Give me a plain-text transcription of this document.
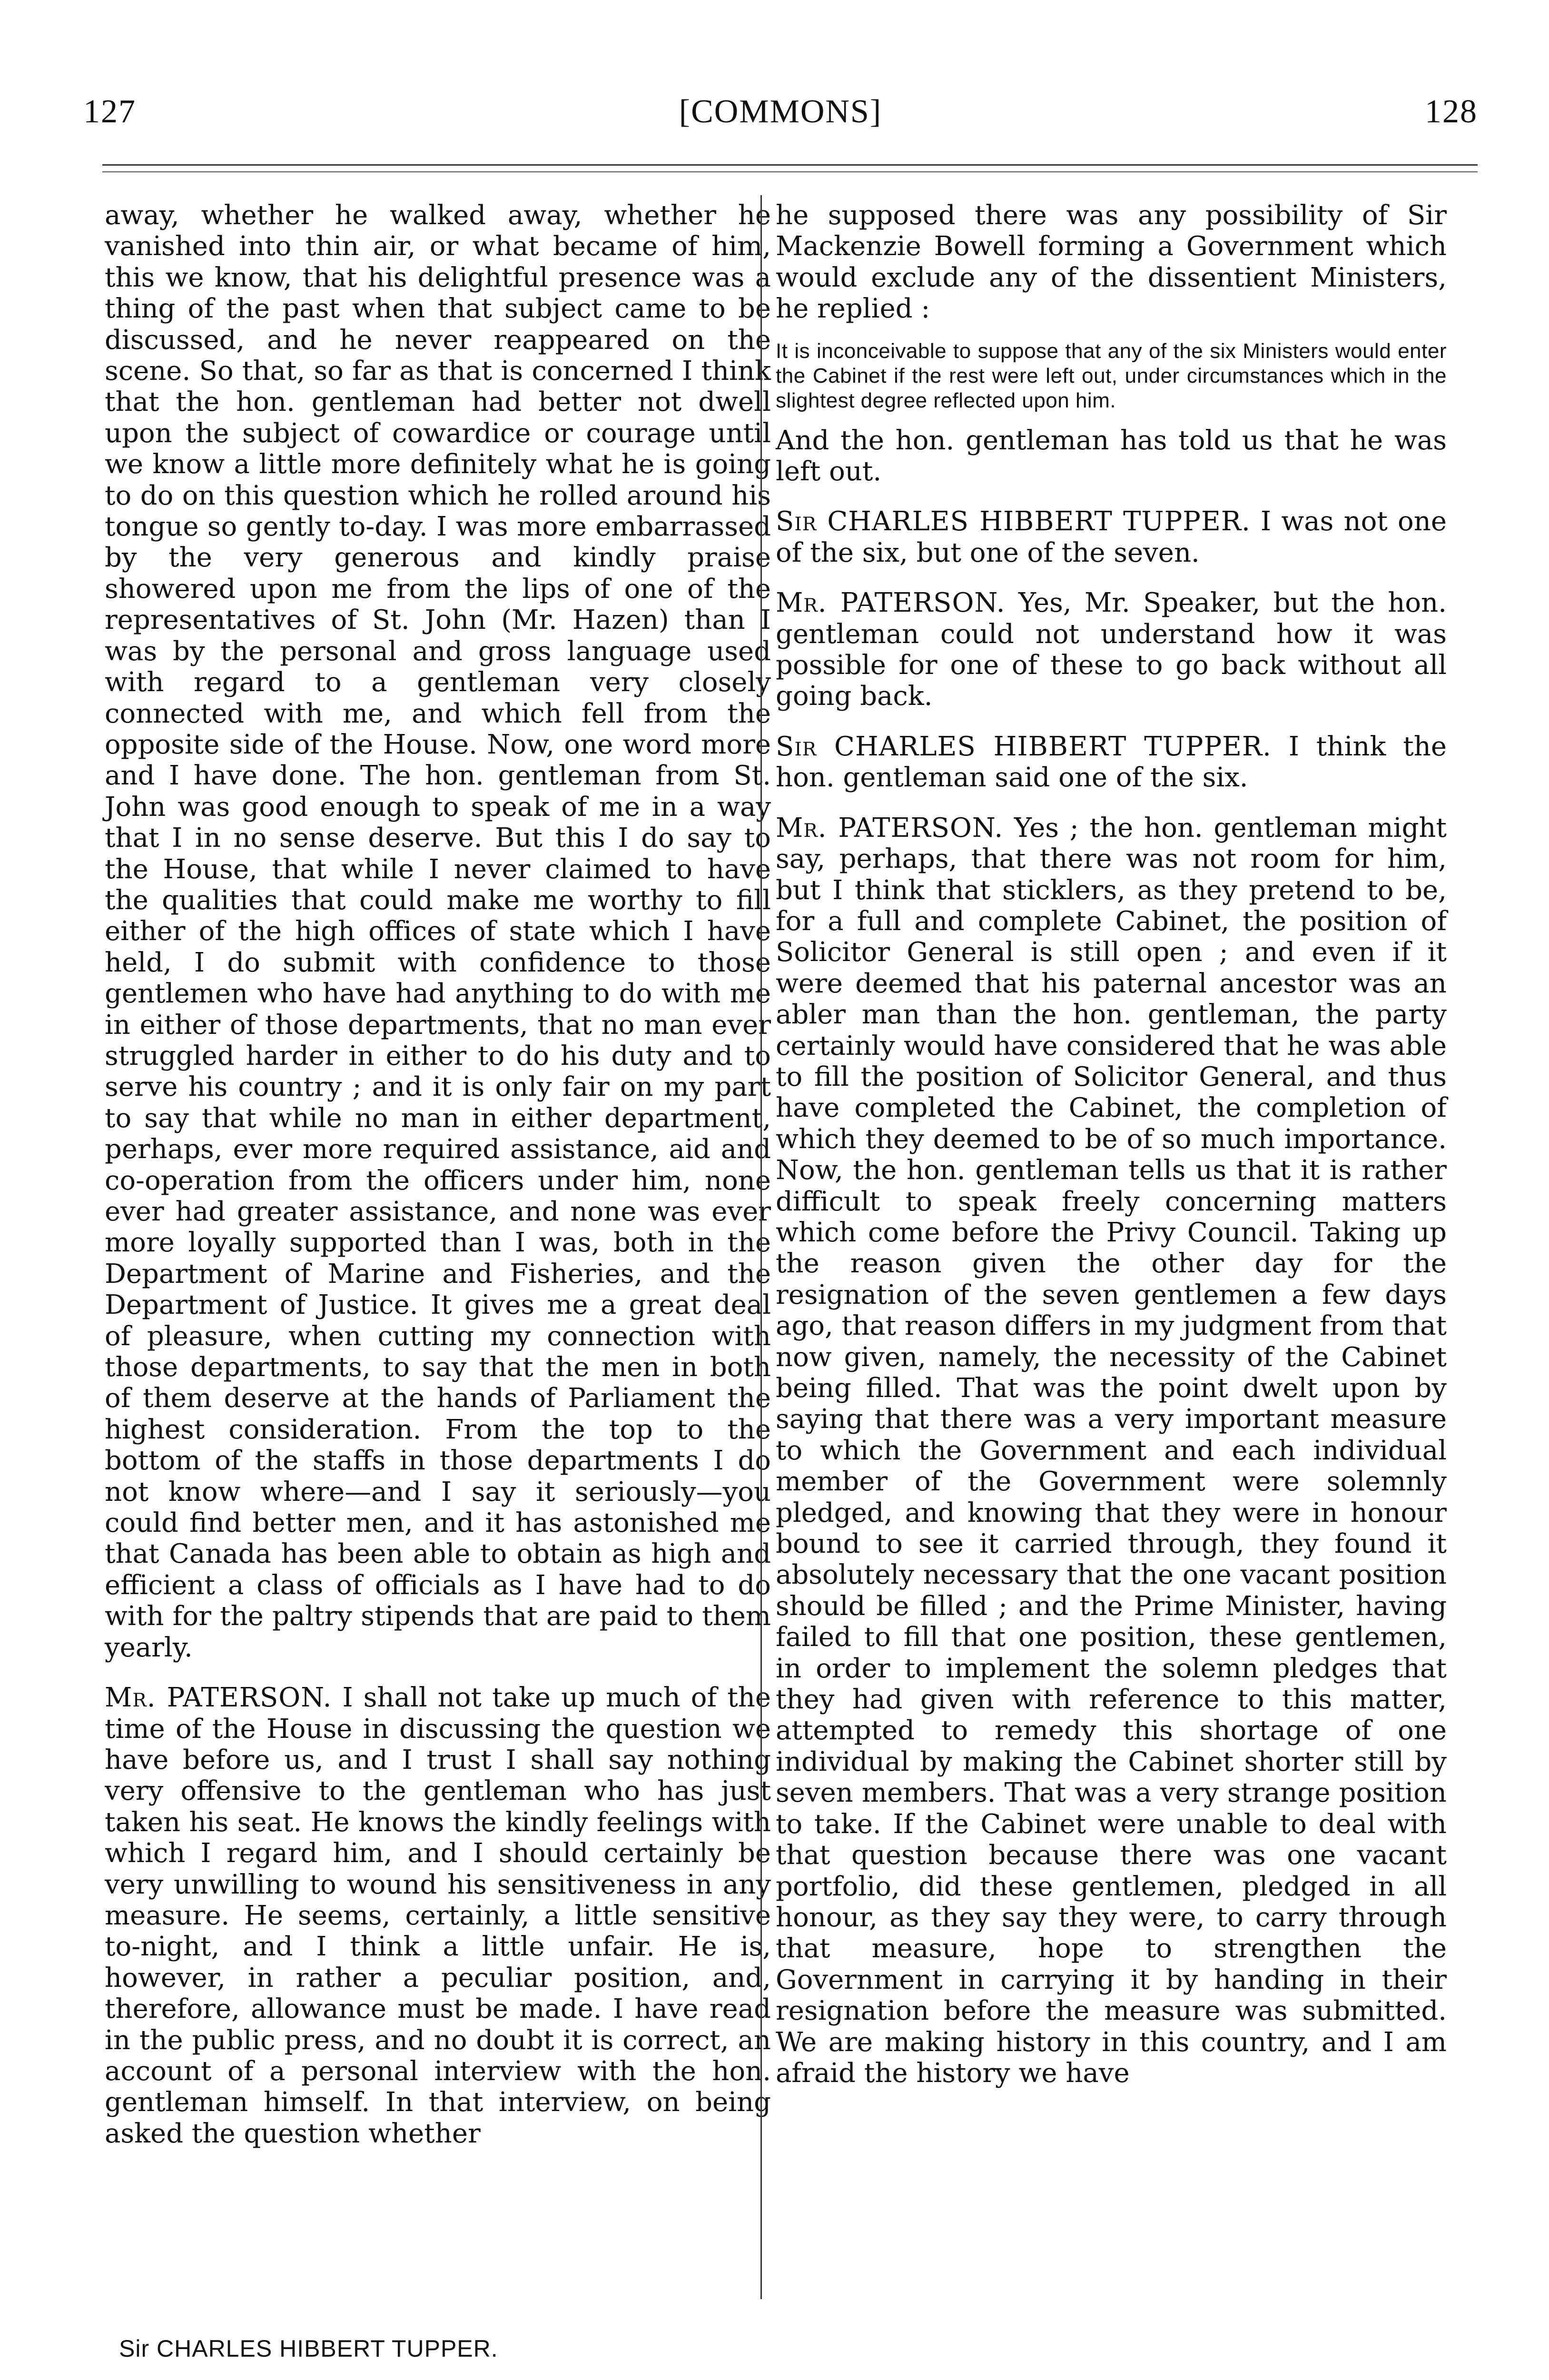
127	[COMMONS]	128

away, whether he walked away, whether he vanished into thin air, or what became of him, this we know, that his delightful presence was a thing of the past when that subject came to be discussed, and he never reappeared on the scene. So that, so far as that is concerned I think that the hon. gentleman had better not dwell upon the subject of cowardice or courage until we know a little more definitely what he is going to do on this question which he rolled around his tongue so gently to-day. I was more embarrassed by the very generous and kindly praise showered upon me from the lips of one of the representatives of St. John (Mr. Hazen) than I was by the personal and gross language used with regard to a gentleman very closely connected with me, and which fell from the opposite side of the House. Now, one word more and I have done. The hon. gentleman from St. John was good enough to speak of me in a way that I in no sense deserve. But this I do say to the House, that while I never claimed to have the qualities that could make me worthy to fill either of the high offices of state which I have held, I do submit with confidence to those gentlemen who have had anything to do with me in either of those departments, that no man ever struggled harder in either to do his duty and to serve his country ; and it is only fair on my part to say that while no man in either department, perhaps, ever more required assistance, aid and co-operation from the officers under him, none ever had greater assistance, and none was ever more loyally supported than I was, both in the Department of Marine and Fisheries, and the Department of Justice. It gives me a great deal of pleasure, when cutting my connection with those departments, to say that the men in both of them deserve at the hands of Parliament the highest consideration. From the top to the bottom of the staffs in those departments I do not know where—and I say it seriously—you could find better men, and it has astonished me that Canada has been able to obtain as high and efficient a class of officials as I have had to do with for the paltry stipends that are paid to them yearly.

Mr. PATERSON. I shall not take up much of the time of the House in discussing the question we have before us, and I trust I shall say nothing very offensive to the gentleman who has just taken his seat. He knows the kindly feelings with which I regard him, and I should certainly be very unwilling to wound his sensitiveness in any measure. He seems, certainly, a little sensitive to-night, and I think a little unfair. He is, however, in rather a peculiar position, and, therefore, allowance must be made. I have read in the public press, and no doubt it is correct, an account of a personal interview with the hon. gentleman himself. In that interview, on being asked the question whether

he supposed there was any possibility of Sir Mackenzie Bowell forming a Government which would exclude any of the dissentient Ministers, he replied :

It is inconceivable to suppose that any of the six Ministers would enter the Cabinet if the rest were left out, under circumstances which in the slightest degree reflected upon him.

And the hon. gentleman has told us that he was left out.

Sir CHARLES HIBBERT TUPPER. I was not one of the six, but one of the seven.

Mr. PATERSON. Yes, Mr. Speaker, but the hon. gentleman could not understand how it was possible for one of these to go back without all going back.

Sir CHARLES HIBBERT TUPPER. I think the hon. gentleman said one of the six.

Mr. PATERSON. Yes ; the hon. gentleman might say, perhaps, that there was not room for him, but I think that sticklers, as they pretend to be, for a full and complete Cabinet, the position of Solicitor General is still open ; and even if it were deemed that his paternal ancestor was an abler man than the hon. gentleman, the party certainly would have considered that he was able to fill the position of Solicitor General, and thus have completed the Cabinet, the completion of which they deemed to be of so much importance. Now, the hon. gentleman tells us that it is rather difficult to speak freely concerning matters which come before the Privy Council. Taking up the reason given the other day for the resignation of the seven gentlemen a few days ago, that reason differs in my judgment from that now given, namely, the necessity of the Cabinet being filled. That was the point dwelt upon by saying that there was a very important measure to which the Government and each individual member of the Government were solemnly pledged, and knowing that they were in honour bound to see it carried through, they found it absolutely necessary that the one vacant position should be filled ; and the Prime Minister, having failed to fill that one position, these gentlemen, in order to implement the solemn pledges that they had given with reference to this matter, attempted to remedy this shortage of one individual by making the Cabinet shorter still by seven members. That was a very strange position to take. If the Cabinet were unable to deal with that question because there was one vacant portfolio, did these gentlemen, pledged in all honour, as they say they were, to carry through that measure, hope to strengthen the Government in carrying it by handing in their resignation before the measure was submitted. We are making history in this country, and I am afraid the history we have

Sir CHARLES HIBBERT TUPPER.
